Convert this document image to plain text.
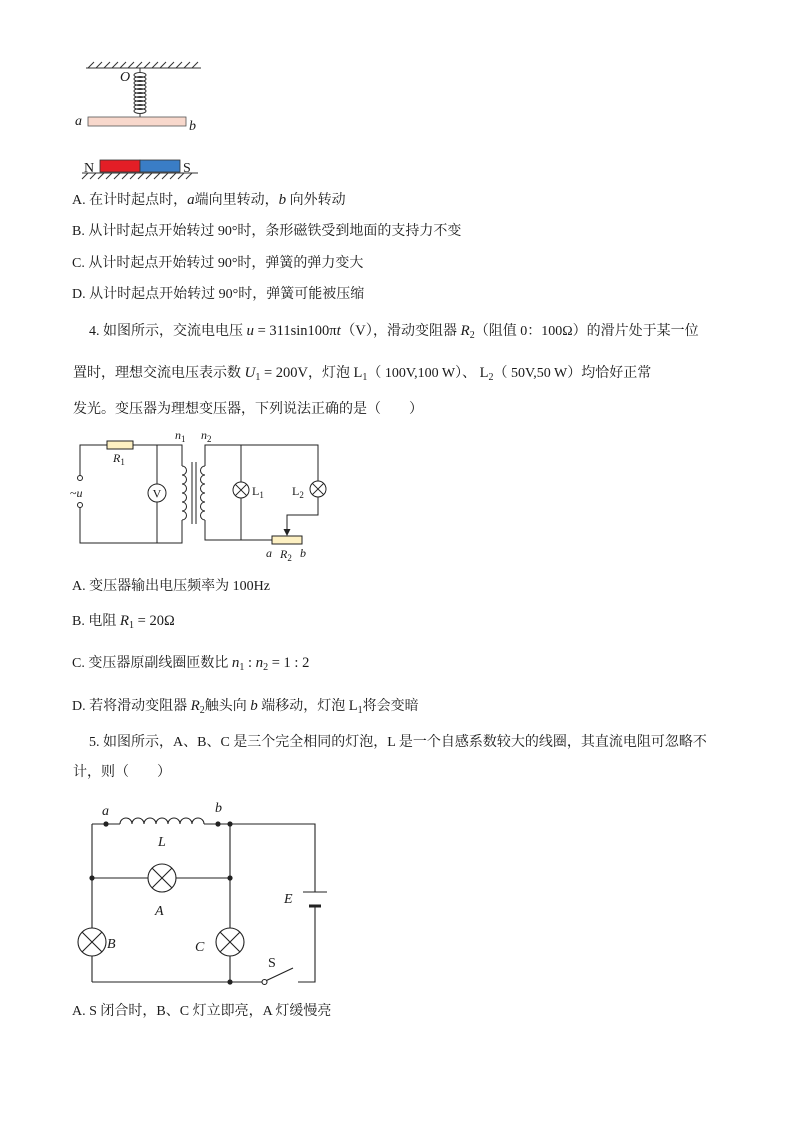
O
a	b
N	S
$R_1$
$n_1$ $n_2$
V	$L_1$ $L_2$
~u
a $R_2$ b
a	b
L
A
B	C
E
S
A. 在计时起点时，a端向里转动，b 向外转动
B. 从计时起点开始转过 90°时，条形磁铁受到地面的支持力不变
C. 从计时起点开始转过 90°时，弹簧的弹力变大
D. 从计时起点开始转过 90°时，弹簧可能被压缩
4. 如图所示，交流电电压 u = 311sin100πt（V），滑动变阻器 $R_2$（阻值 0：100Ω）的滑片处于某一位
置时，理想交流电压表示数 $U_1 = 200V$，灯泡 $L_1$（ 100V,100 W）、 $L_2$（ 50V,50 W）均恰好正常
发光。变压器为理想变压器，下列说法正确的是（　　）
A. 变压器输出电压频率为 100Hz
B. 电阻 $R_1 = 20\Omega$
C. 变压器原副线圈匝数比 $n_1$ : $n_2 = 1$ : 2
D. 若将滑动变阻器 $R_2$触头向 b 端移动，灯泡 $L_1$将会变暗
5. 如图所示，A、B、C 是三个完全相同的灯泡，L 是一个自感系数较大的线圈，其直流电阻可忽略不
计，则（　　）
A. S 闭合时，B、C 灯立即亮，A 灯缓慢亮
